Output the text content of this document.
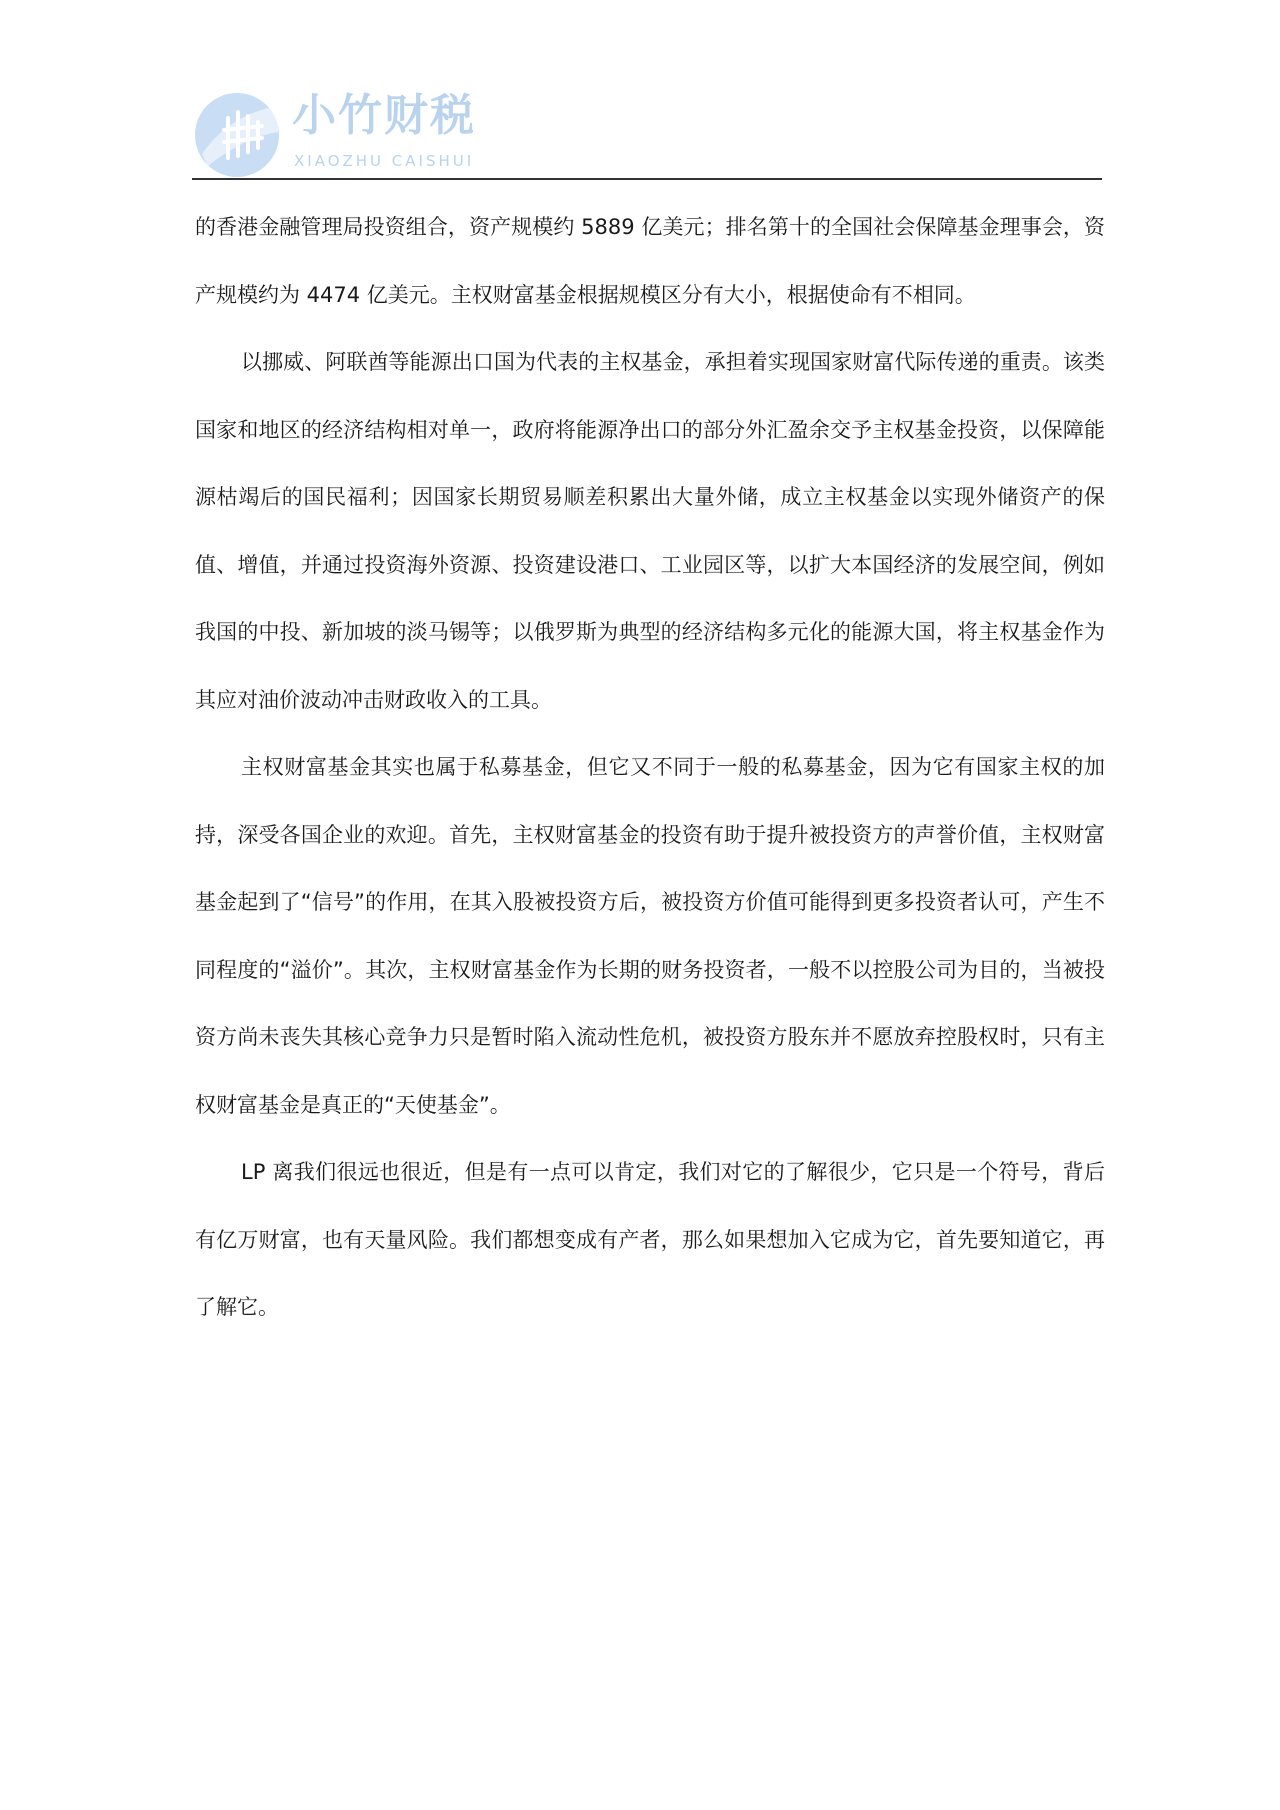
小竹财税
XIAOZHU CAISHUI

的香港金融管理局投资组合，资产规模约 5889 亿美元；排名第十的全国社会保障基金理事会，资产规模约为 4474 亿美元。主权财富基金根据规模区分有大小，根据使命有不相同。

以挪威、阿联酋等能源出口国为代表的主权基金，承担着实现国家财富代际传递的重责。该类国家和地区的经济结构相对单一，政府将能源净出口的部分外汇盈余交予主权基金投资，以保障能源枯竭后的国民福利；因国家长期贸易顺差积累出大量外储，成立主权基金以实现外储资产的保值、增值，并通过投资海外资源、投资建设港口、工业园区等，以扩大本国经济的发展空间，例如我国的中投、新加坡的淡马锡等；以俄罗斯为典型的经济结构多元化的能源大国，将主权基金作为其应对油价波动冲击财政收入的工具。

主权财富基金其实也属于私募基金，但它又不同于一般的私募基金，因为它有国家主权的加持，深受各国企业的欢迎。首先，主权财富基金的投资有助于提升被投资方的声誉价值，主权财富基金起到了“信号”的作用，在其入股被投资方后，被投资方价值可能得到更多投资者认可，产生不同程度的“溢价”。其次，主权财富基金作为长期的财务投资者，一般不以控股公司为目的，当被投资方尚未丧失其核心竞争力只是暂时陷入流动性危机，被投资方股东并不愿放弃控股权时，只有主权财富基金是真正的“天使基金”。

LP 离我们很远也很近，但是有一点可以肯定，我们对它的了解很少，它只是一个符号，背后有亿万财富，也有天量风险。我们都想变成有产者，那么如果想加入它成为它，首先要知道它，再了解它。
